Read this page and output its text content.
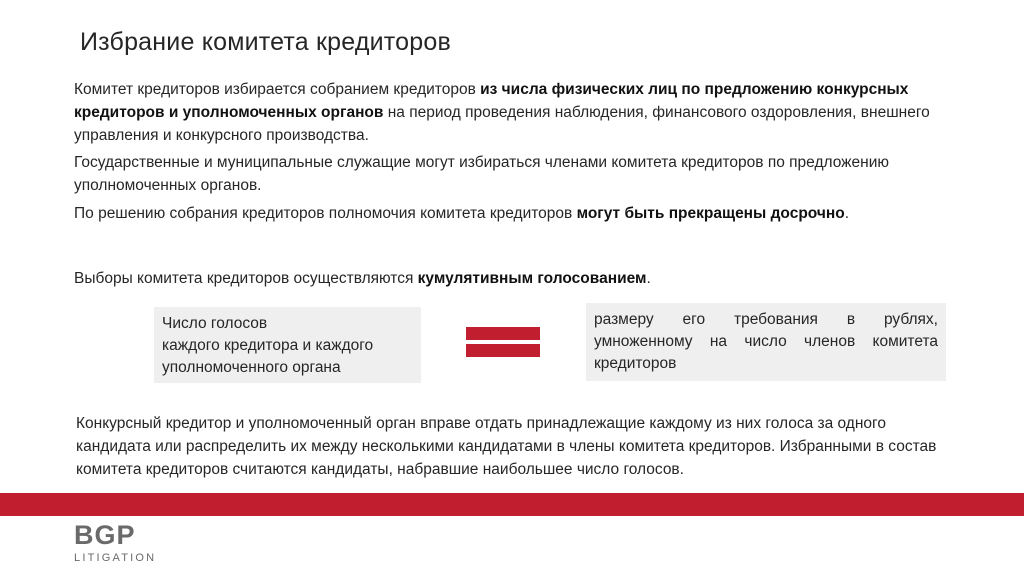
Избрание комитета кредиторов
Комитет кредиторов избирается собранием кредиторов из числа физических лиц по предложению конкурсных кредиторов и уполномоченных органов на период проведения наблюдения, финансового оздоровления, внешнего управления и конкурсного производства.
Государственные и муниципальные служащие могут избираться членами комитета кредиторов по предложению уполномоченных органов.
По решению собрания кредиторов полномочия комитета кредиторов могут быть прекращены досрочно.
Выборы комитета кредиторов осуществляются кумулятивным голосованием.
Число голосов
каждого кредитора и каждого уполномоченного органа
размеру его требования в рублях, умноженному на число членов комитета кредиторов
Конкурсный кредитор и уполномоченный орган вправе отдать принадлежащие каждому из них голоса за одного кандидата или распределить их между несколькими кандидатами в члены комитета кредиторов. Избранными в состав комитета кредиторов считаются кандидаты, набравшие наибольшее число голосов.
BGP
LITIGATION
